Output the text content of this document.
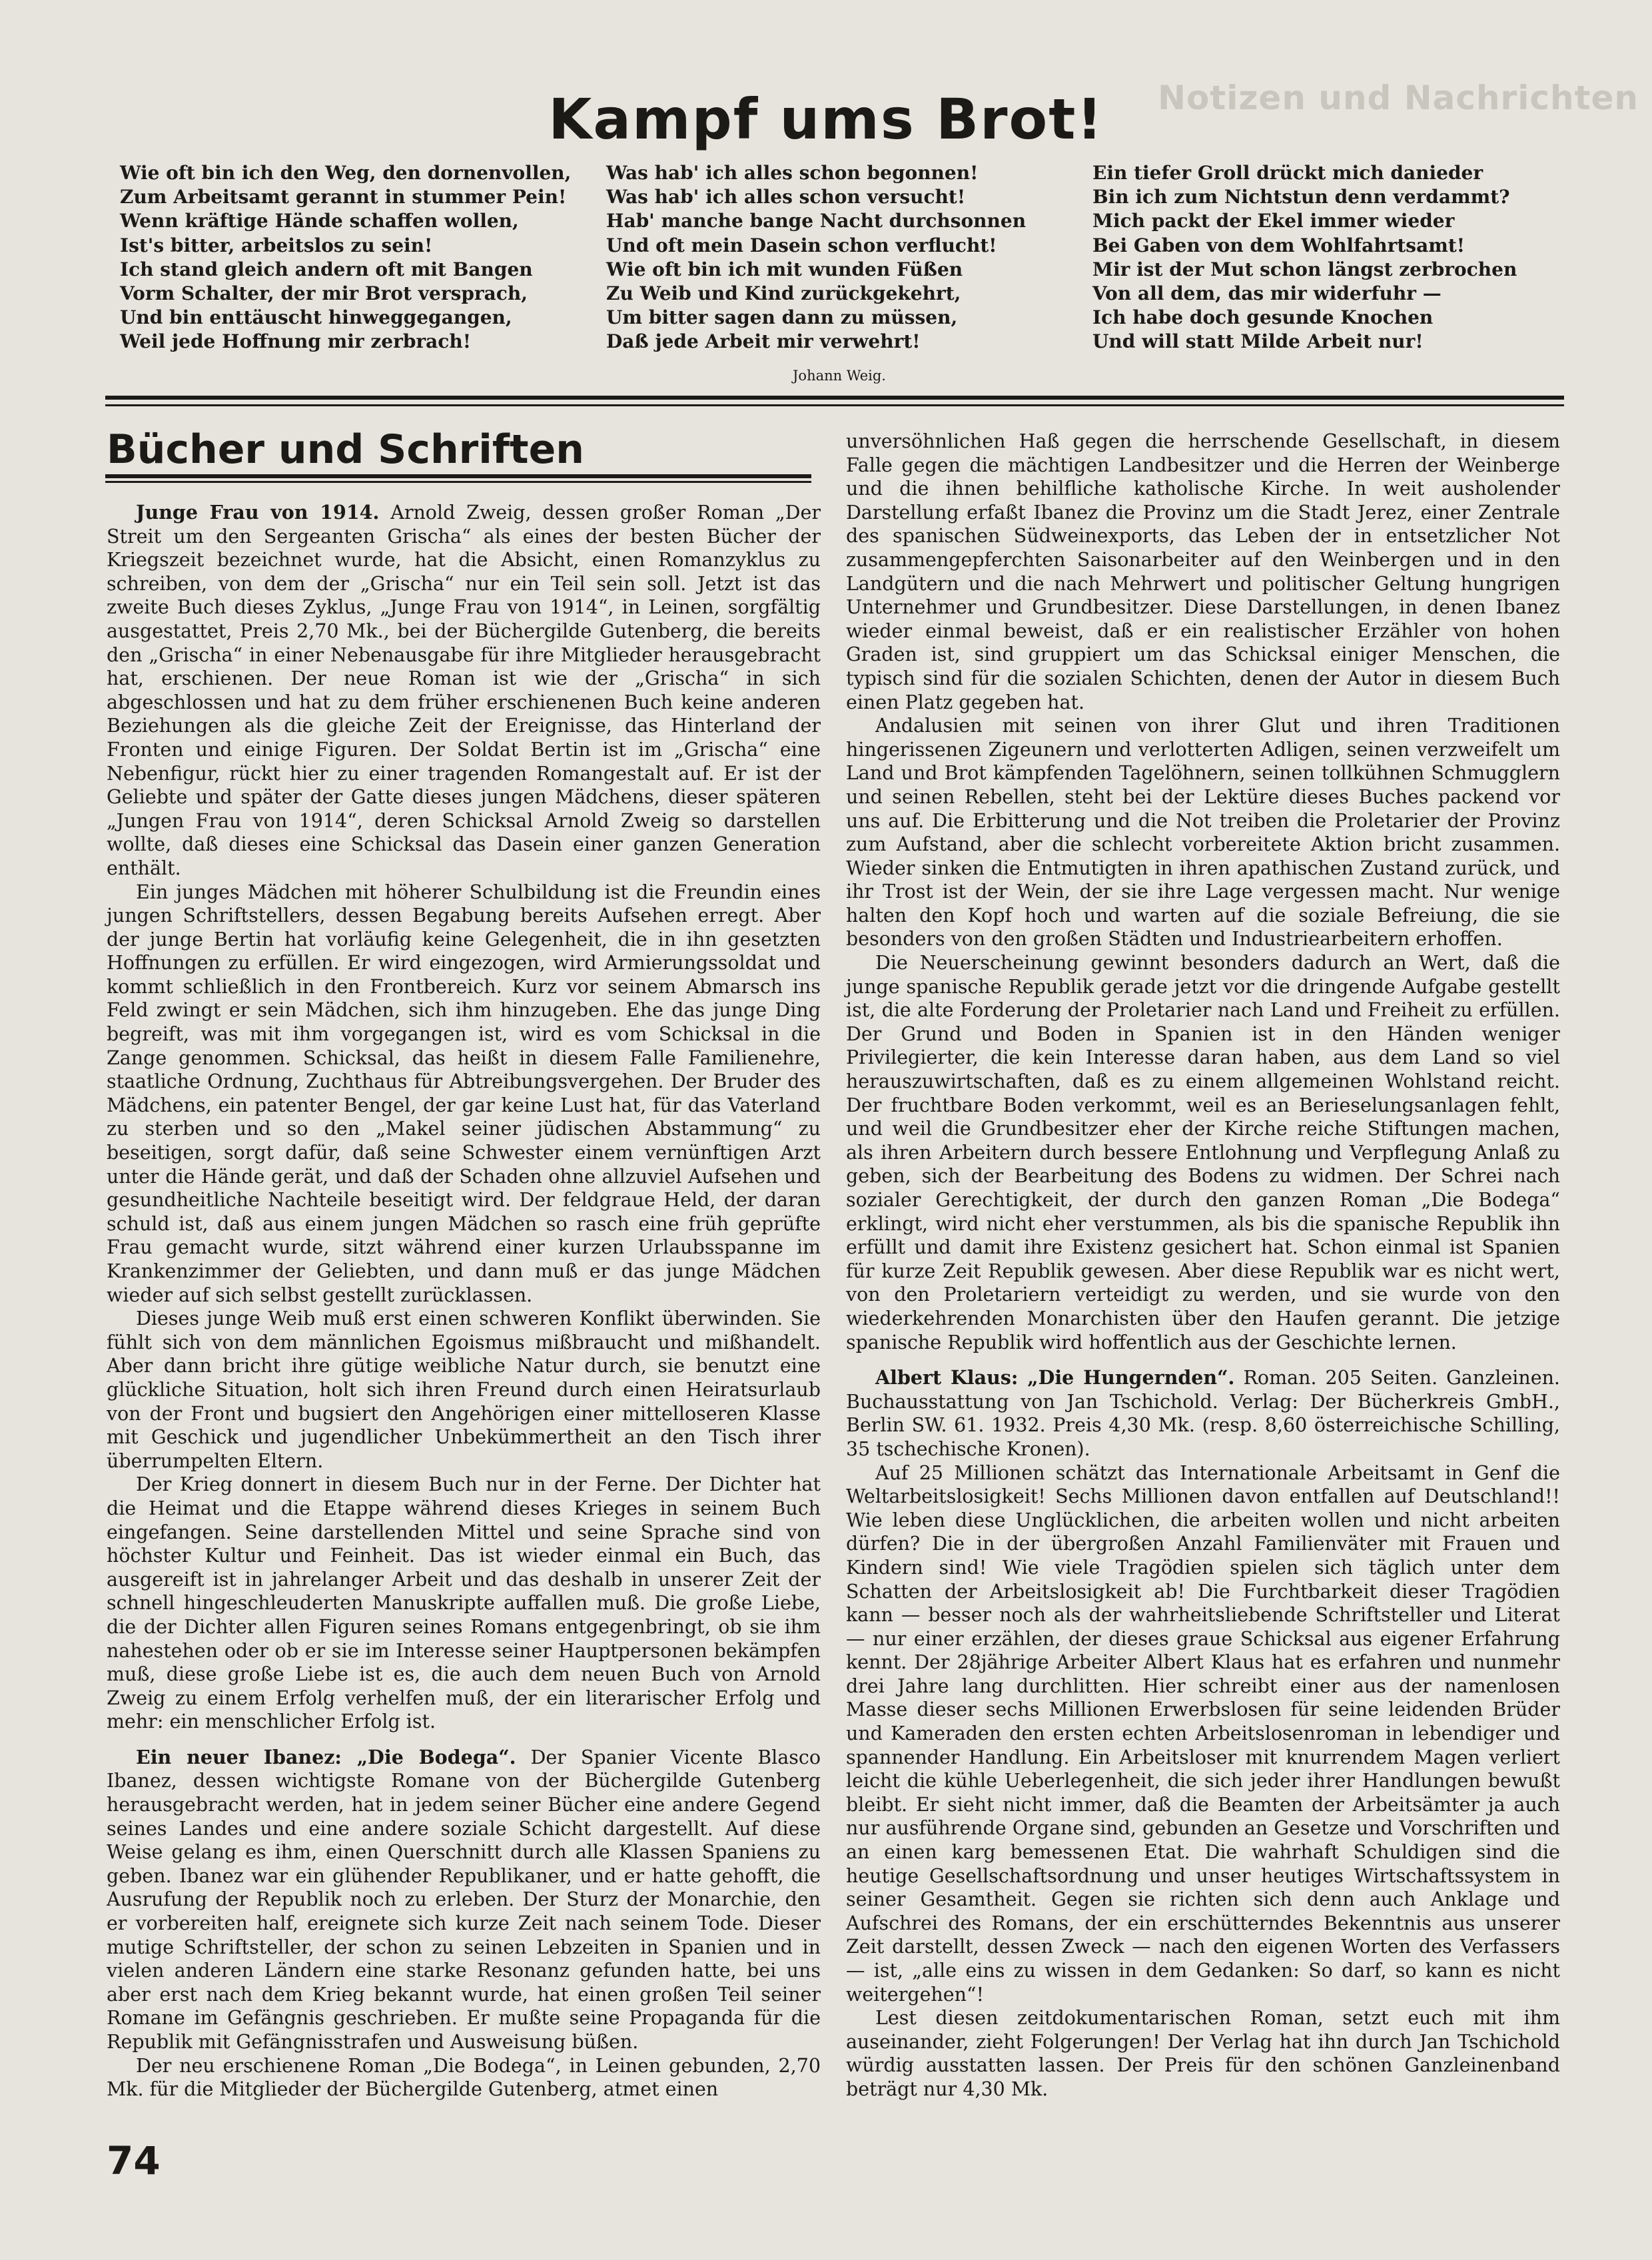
Notizen und Nachrichten
Kampf ums Brot!
Wie oft bin ich den Weg, den dornenvollen,
Zum Arbeitsamt gerannt in stummer Pein!
Wenn kräftige Hände schaffen wollen,
Ist's bitter, arbeitslos zu sein!
Ich stand gleich andern oft mit Bangen
Vorm Schalter, der mir Brot versprach,
Und bin enttäuscht hinweggegangen,
Weil jede Hoffnung mir zerbrach!
Was hab' ich alles schon begonnen!
Was hab' ich alles schon versucht!
Hab' manche bange Nacht durchsonnen
Und oft mein Dasein schon verflucht!
Wie oft bin ich mit wunden Füßen
Zu Weib und Kind zurückgekehrt,
Um bitter sagen dann zu müssen,
Daß jede Arbeit mir verwehrt!
Ein tiefer Groll drückt mich danieder
Bin ich zum Nichtstun denn verdammt?
Mich packt der Ekel immer wieder
Bei Gaben von dem Wohlfahrtsamt!
Mir ist der Mut schon längst zerbrochen
Von all dem, das mir widerfuhr —
Ich habe doch gesunde Knochen
Und will statt Milde Arbeit nur!
Johann Weig.
Bücher und Schriften

Junge Frau von 1914. Arnold Zweig, dessen großer Roman „Der Streit um den Sergeanten Grischa“ als eines der besten Bücher der Kriegszeit bezeichnet wurde, hat die Absicht, einen Romanzyklus zu schreiben, von dem der „Grischa“ nur ein Teil sein soll. Jetzt ist das zweite Buch dieses Zyklus, „Junge Frau von 1914“, in Leinen, sorgfältig ausgestattet, Preis 2,70 Mk., bei der Büchergilde Gutenberg, die bereits den „Grischa“ in einer Nebenausgabe für ihre Mitglieder herausgebracht hat, erschienen. Der neue Roman ist wie der „Grischa“ in sich abgeschlossen und hat zu dem früher erschienenen Buch keine anderen Beziehungen als die gleiche Zeit der Ereignisse, das Hinterland der Fronten und einige Figuren. Der Soldat Bertin ist im „Grischa“ eine Nebenfigur, rückt hier zu einer tragenden Romangestalt auf. Er ist der Geliebte und später der Gatte dieses jungen Mädchens, dieser späteren „Jungen Frau von 1914“, deren Schicksal Arnold Zweig so darstellen wollte, daß dieses eine Schicksal das Dasein einer ganzen Generation enthält.

Ein junges Mädchen mit höherer Schulbildung ist die Freundin eines jungen Schriftstellers, dessen Begabung bereits Aufsehen erregt. Aber der junge Bertin hat vorläufig keine Gelegenheit, die in ihn gesetzten Hoffnungen zu erfüllen. Er wird eingezogen, wird Armierungssoldat und kommt schließlich in den Frontbereich. Kurz vor seinem Abmarsch ins Feld zwingt er sein Mädchen, sich ihm hinzugeben. Ehe das junge Ding begreift, was mit ihm vorgegangen ist, wird es vom Schicksal in die Zange genommen. Schicksal, das heißt in diesem Falle Familienehre, staatliche Ordnung, Zuchthaus für Abtreibungsvergehen. Der Bruder des Mädchens, ein patenter Bengel, der gar keine Lust hat, für das Vaterland zu sterben und so den „Makel seiner jüdischen Abstammung“ zu beseitigen, sorgt dafür, daß seine Schwester einem vernünftigen Arzt unter die Hände gerät, und daß der Schaden ohne allzuviel Aufsehen und gesundheitliche Nachteile beseitigt wird. Der feldgraue Held, der daran schuld ist, daß aus einem jungen Mädchen so rasch eine früh geprüfte Frau gemacht wurde, sitzt während einer kurzen Urlaubsspanne im Krankenzimmer der Geliebten, und dann muß er das junge Mädchen wieder auf sich selbst gestellt zurücklassen.

Dieses junge Weib muß erst einen schweren Konflikt überwinden. Sie fühlt sich von dem männlichen Egoismus mißbraucht und mißhandelt. Aber dann bricht ihre gütige weibliche Natur durch, sie benutzt eine glückliche Situation, holt sich ihren Freund durch einen Heiratsurlaub von der Front und bugsiert den Angehörigen einer mittelloseren Klasse mit Geschick und jugendlicher Unbekümmertheit an den Tisch ihrer überrumpelten Eltern.

Der Krieg donnert in diesem Buch nur in der Ferne. Der Dichter hat die Heimat und die Etappe während dieses Krieges in seinem Buch eingefangen. Seine darstellenden Mittel und seine Sprache sind von höchster Kultur und Feinheit. Das ist wieder einmal ein Buch, das ausgereift ist in jahrelanger Arbeit und das deshalb in unserer Zeit der schnell hingeschleuderten Manuskripte auffallen muß. Die große Liebe, die der Dichter allen Figuren seines Romans entgegenbringt, ob sie ihm nahestehen oder ob er sie im Interesse seiner Hauptpersonen bekämpfen muß, diese große Liebe ist es, die auch dem neuen Buch von Arnold Zweig zu einem Erfolg verhelfen muß, der ein literarischer Erfolg und mehr: ein menschlicher Erfolg ist.

Ein neuer Ibanez: „Die Bodega“. Der Spanier Vicente Blasco Ibanez, dessen wichtigste Romane von der Büchergilde Gutenberg herausgebracht werden, hat in jedem seiner Bücher eine andere Gegend seines Landes und eine andere soziale Schicht dargestellt. Auf diese Weise gelang es ihm, einen Querschnitt durch alle Klassen Spaniens zu geben. Ibanez war ein glühender Republikaner, und er hatte gehofft, die Ausrufung der Republik noch zu erleben. Der Sturz der Monarchie, den er vorbereiten half, ereignete sich kurze Zeit nach seinem Tode. Dieser mutige Schriftsteller, der schon zu seinen Lebzeiten in Spanien und in vielen anderen Ländern eine starke Resonanz gefunden hatte, bei uns aber erst nach dem Krieg bekannt wurde, hat einen großen Teil seiner Romane im Gefängnis geschrieben. Er mußte seine Propaganda für die Republik mit Gefängnisstrafen und Ausweisung büßen.

Der neu erschienene Roman „Die Bodega“, in Leinen gebunden, 2,70 Mk. für die Mitglieder der Büchergilde Gutenberg, atmet einen

unversöhnlichen Haß gegen die herrschende Gesellschaft, in diesem Falle gegen die mächtigen Landbesitzer und die Herren der Weinberge und die ihnen behilfliche katholische Kirche. In weit ausholender Darstellung erfaßt Ibanez die Provinz um die Stadt Jerez, einer Zentrale des spanischen Südweinexports, das Leben der in entsetzlicher Not zusammengepferchten Saisonarbeiter auf den Weinbergen und in den Landgütern und die nach Mehrwert und politischer Geltung hungrigen Unternehmer und Grundbesitzer. Diese Darstellungen, in denen Ibanez wieder einmal beweist, daß er ein realistischer Erzähler von hohen Graden ist, sind gruppiert um das Schicksal einiger Menschen, die typisch sind für die sozialen Schichten, denen der Autor in diesem Buch einen Platz gegeben hat.

Andalusien mit seinen von ihrer Glut und ihren Traditionen hingerissenen Zigeunern und verlotterten Adligen, seinen verzweifelt um Land und Brot kämpfenden Tagelöhnern, seinen tollkühnen Schmugglern und seinen Rebellen, steht bei der Lektüre dieses Buches packend vor uns auf. Die Erbitterung und die Not treiben die Proletarier der Provinz zum Aufstand, aber die schlecht vorbereitete Aktion bricht zusammen. Wieder sinken die Entmutigten in ihren apathischen Zustand zurück, und ihr Trost ist der Wein, der sie ihre Lage vergessen macht. Nur wenige halten den Kopf hoch und warten auf die soziale Befreiung, die sie besonders von den großen Städten und Industriearbeitern erhoffen.

Die Neuerscheinung gewinnt besonders dadurch an Wert, daß die junge spanische Republik gerade jetzt vor die dringende Aufgabe gestellt ist, die alte Forderung der Proletarier nach Land und Freiheit zu erfüllen. Der Grund und Boden in Spanien ist in den Händen weniger Privilegierter, die kein Interesse daran haben, aus dem Land so viel herauszuwirtschaften, daß es zu einem allgemeinen Wohlstand reicht. Der fruchtbare Boden verkommt, weil es an Berieselungsanlagen fehlt, und weil die Grundbesitzer eher der Kirche reiche Stiftungen machen, als ihren Arbeitern durch bessere Entlohnung und Verpflegung Anlaß zu geben, sich der Bearbeitung des Bodens zu widmen. Der Schrei nach sozialer Gerechtigkeit, der durch den ganzen Roman „Die Bodega“ erklingt, wird nicht eher verstummen, als bis die spanische Republik ihn erfüllt und damit ihre Existenz gesichert hat. Schon einmal ist Spanien für kurze Zeit Republik gewesen. Aber diese Republik war es nicht wert, von den Proletariern verteidigt zu werden, und sie wurde von den wiederkehrenden Monarchisten über den Haufen gerannt. Die jetzige spanische Republik wird hoffentlich aus der Geschichte lernen.

Albert Klaus: „Die Hungernden“. Roman. 205 Seiten. Ganzleinen. Buchausstattung von Jan Tschichold. Verlag: Der Bücherkreis GmbH., Berlin SW. 61. 1932. Preis 4,30 Mk. (resp. 8,60 österreichische Schilling, 35 tschechische Kronen).

Auf 25 Millionen schätzt das Internationale Arbeitsamt in Genf die Weltarbeitslosigkeit! Sechs Millionen davon entfallen auf Deutschland!! Wie leben diese Unglücklichen, die arbeiten wollen und nicht arbeiten dürfen? Die in der übergroßen Anzahl Familienväter mit Frauen und Kindern sind! Wie viele Tragödien spielen sich täglich unter dem Schatten der Arbeitslosigkeit ab! Die Furchtbarkeit dieser Tragödien kann — besser noch als der wahrheitsliebende Schriftsteller und Literat — nur einer erzählen, der dieses graue Schicksal aus eigener Erfahrung kennt. Der 28jährige Arbeiter Albert Klaus hat es erfahren und nunmehr drei Jahre lang durchlitten. Hier schreibt einer aus der namenlosen Masse dieser sechs Millionen Erwerbslosen für seine leidenden Brüder und Kameraden den ersten echten Arbeitslosenroman in lebendiger und spannender Handlung. Ein Arbeitsloser mit knurrendem Magen verliert leicht die kühle Ueberlegenheit, die sich jeder ihrer Handlungen bewußt bleibt. Er sieht nicht immer, daß die Beamten der Arbeitsämter ja auch nur ausführende Organe sind, gebunden an Gesetze und Vorschriften und an einen karg bemessenen Etat. Die wahrhaft Schuldigen sind die heutige Gesellschaftsordnung und unser heutiges Wirtschaftssystem in seiner Gesamtheit. Gegen sie richten sich denn auch Anklage und Aufschrei des Romans, der ein erschütterndes Bekenntnis aus unserer Zeit darstellt, dessen Zweck — nach den eigenen Worten des Verfassers — ist, „alle eins zu wissen in dem Gedanken: So darf, so kann es nicht weitergehen“!

Lest diesen zeitdokumentarischen Roman, setzt euch mit ihm auseinander, zieht Folgerungen! Der Verlag hat ihn durch Jan Tschichold würdig ausstatten lassen. Der Preis für den schönen Ganzleinenband beträgt nur 4,30 Mk.

74
